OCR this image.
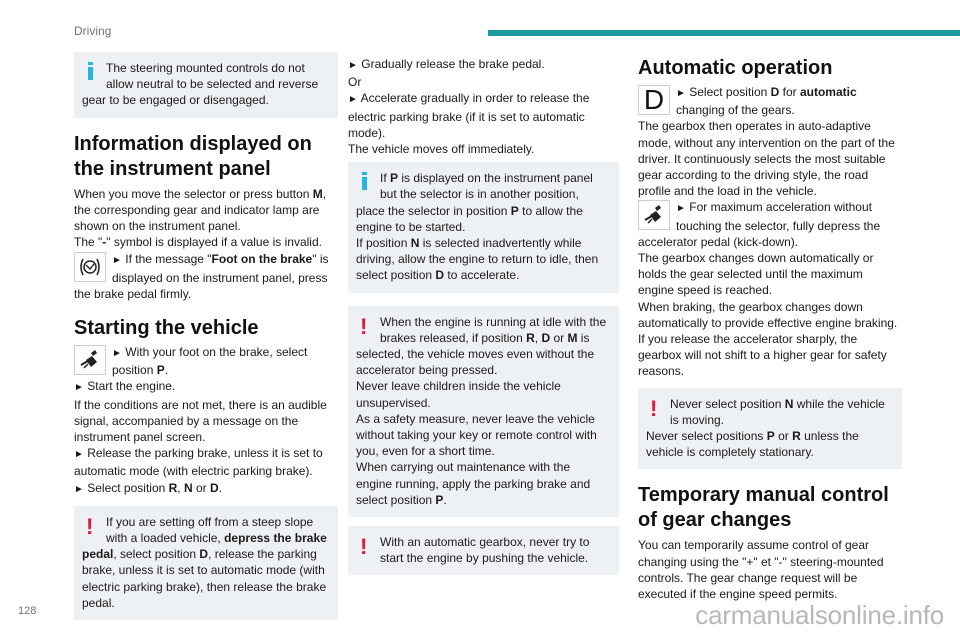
Driving

The steering mounted controls do not allow neutral to be selected and reverse gear to be engaged or disengaged.

Information displayed on the instrument panel

When you move the selector or press button M, the corresponding gear and indicator lamp are shown on the instrument panel.

The "-" symbol is displayed if a value is invalid.

► If the message "Foot on the brake" is displayed on the instrument panel, press the brake pedal firmly.

Starting the vehicle

► With your foot on the brake, select position P.

► Start the engine.

If the conditions are not met, there is an audible signal, accompanied by a message on the instrument panel screen.

► Release the parking brake, unless it is set to automatic mode (with electric parking brake).

► Select position R, N or D.

!	If you are setting off from a steep slope with a loaded vehicle, depress the brake pedal, select position D, release the parking brake, unless it is set to automatic mode (with electric parking brake), then release the brake pedal.

► Gradually release the brake pedal.

Or

► Accelerate gradually in order to release the electric parking brake (if it is set to automatic mode).

The vehicle moves off immediately.

If P is displayed on the instrument panel but the selector is in another position, place the selector in position P to allow the engine to be started.

If position N is selected inadvertently while driving, allow the engine to return to idle, then select position D to accelerate.

!	When the engine is running at idle with the brakes released, if position R, D or M is selected, the vehicle moves even without the accelerator being pressed.

Never leave children inside the vehicle unsupervised.

As a safety measure, never leave the vehicle without taking your key or remote control with you, even for a short time.

When carrying out maintenance with the engine running, apply the parking brake and select position P.

! With an automatic gearbox, never try to start the engine by pushing the vehicle.

Automatic operation
D	► Select position D for automatic changing of the gears.

The gearbox then operates in auto-adaptive mode, without any intervention on the part of the driver. It continuously selects the most suitable gear according to the driving style, the road profile and the load in the vehicle.

► For maximum acceleration without touching the selector, fully depress the accelerator pedal (kick-down).

The gearbox changes down automatically or holds the gear selected until the maximum engine speed is reached.

When braking, the gearbox changes down automatically to provide effective engine braking.

If you release the accelerator sharply, the gearbox will not shift to a higher gear for safety reasons.

!	Never select position N while the vehicle is moving.

Never select positions P or R unless the vehicle is completely stationary.

Temporary manual control of gear changes

You can temporarily assume control of gear changing using the "+" et "-" steering-mounted controls. The gear change request will be executed if the engine speed permits.

128	carmanualsonline.info
